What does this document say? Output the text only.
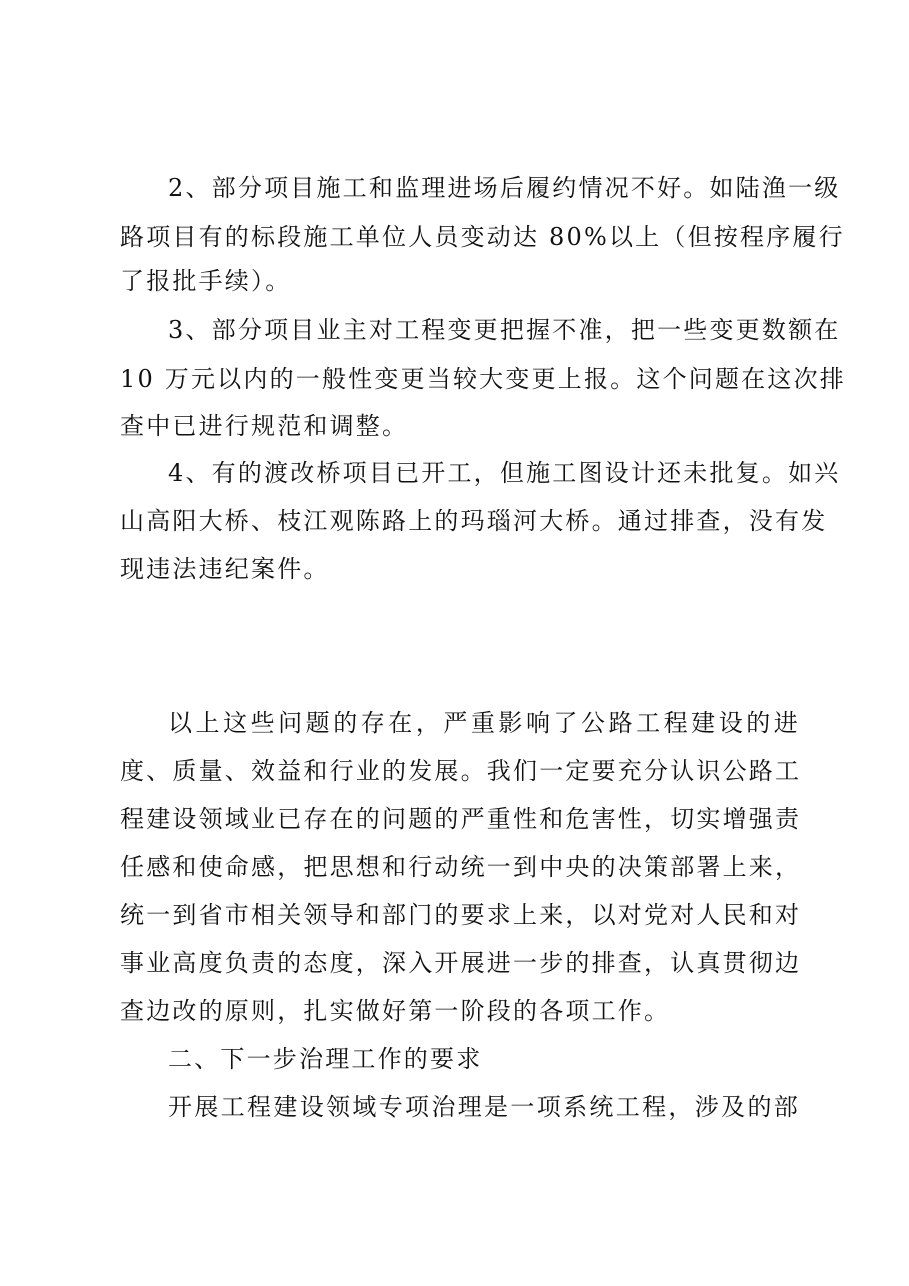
2、部分项目施工和监理进场后履约情况不好。如陆渔一级
路项目有的标段施工单位人员变动达 80%以上（但按程序履行
了报批手续）。
3、部分项目业主对工程变更把握不准，把一些变更数额在
10 万元以内的一般性变更当较大变更上报。这个问题在这次排
查中已进行规范和调整。
4、有的渡改桥项目已开工，但施工图设计还未批复。如兴
山高阳大桥、枝江观陈路上的玛瑙河大桥。通过排查，没有发
现违法违纪案件。
以上这些问题的存在，严重影响了公路工程建设的进
度、质量、效益和行业的发展。我们一定要充分认识公路工
程建设领域业已存在的问题的严重性和危害性，切实增强责
任感和使命感，把思想和行动统一到中央的决策部署上来，
统一到省市相关领导和部门的要求上来，以对党对人民和对
事业高度负责的态度，深入开展进一步的排查，认真贯彻边
查边改的原则，扎实做好第一阶段的各项工作。
二、下一步治理工作的要求
开展工程建设领域专项治理是一项系统工程，涉及的部
